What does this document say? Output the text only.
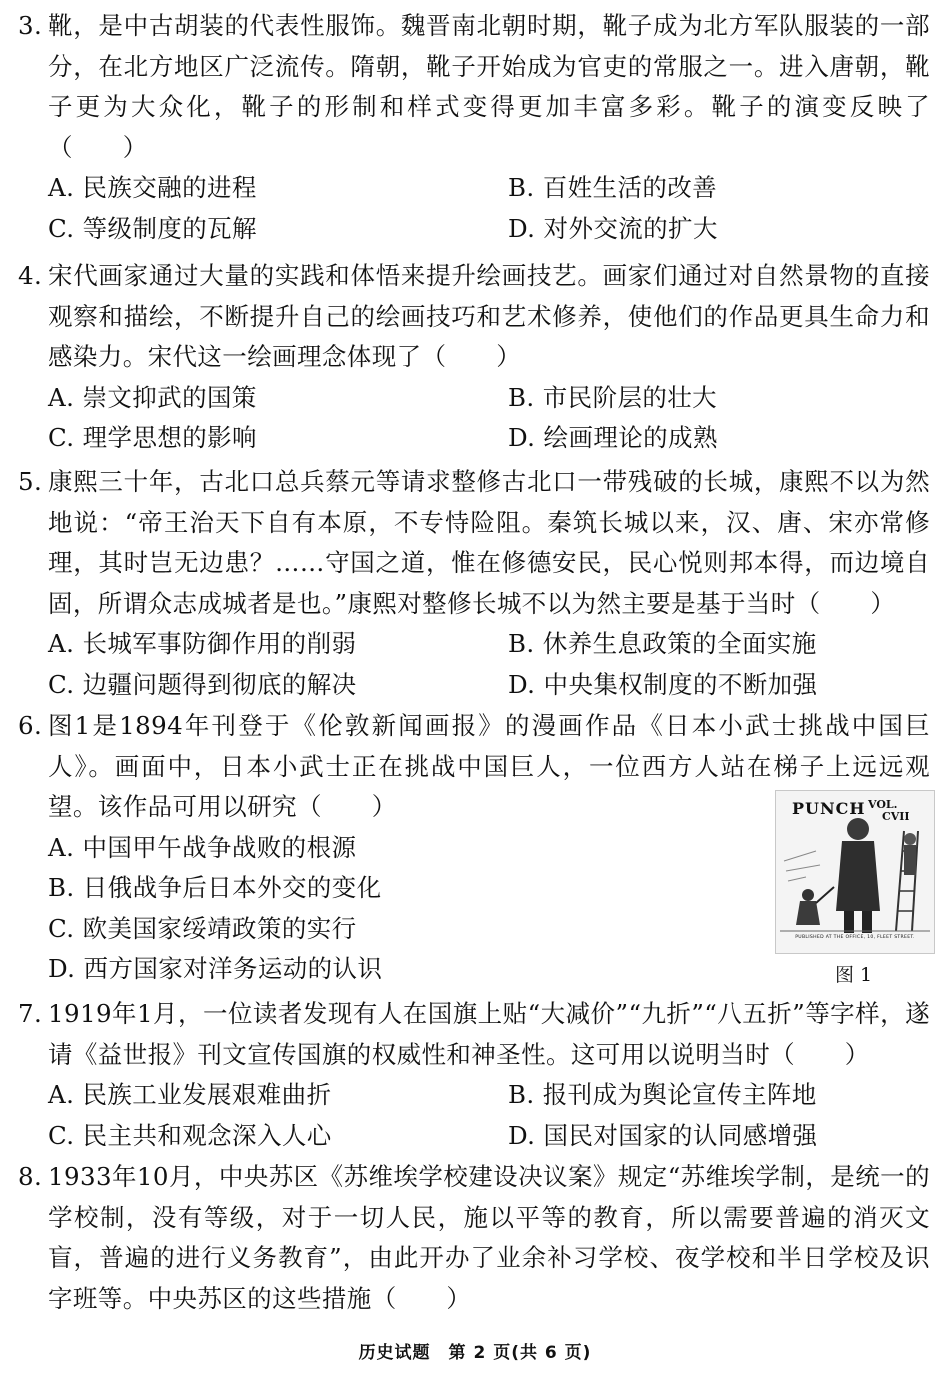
3. 靴，是中古胡装的代表性服饰。魏晋南北朝时期，靴子成为北方军队服装的一部分，在北方地区广泛流传。隋朝，靴子开始成为官吏的常服之一。进入唐朝，靴子更为大众化，靴子的形制和样式变得更加丰富多彩。靴子的演变反映了（　　）

A. 民族交融的进程	B. 百姓生活的改善
C. 等级制度的瓦解	D. 对外交流的扩大

4. 宋代画家通过大量的实践和体悟来提升绘画技艺。画家们通过对自然景物的直接观察和描绘，不断提升自己的绘画技巧和艺术修养，使他们的作品更具生命力和感染力。宋代这一绘画理念体现了（　　）

A. 崇文抑武的国策	B. 市民阶层的壮大
C. 理学思想的影响	D. 绘画理论的成熟

5. 康熙三十年，古北口总兵蔡元等请求整修古北口一带残破的长城，康熙不以为然地说：“帝王治天下自有本原，不专恃险阻。秦筑长城以来，汉、唐、宋亦常修理，其时岂无边患？……守国之道，惟在修德安民，民心悦则邦本得，而边境自固，所谓众志成城者是也。”康熙对整修长城不以为然主要是基于当时（　　）

A. 长城军事防御作用的削弱	B. 休养生息政策的全面实施
C. 边疆问题得到彻底的解决	D. 中央集权制度的不断加强

6. 图1是1894年刊登于《伦敦新闻画报》的漫画作品《日本小武士挑战中国巨人》。画面中，日本小武士正在挑战中国巨人，一位西方人站在梯子上远远观望。该作品可用以研究（　　）

A. 中国甲午战争战败的根源
B. 日俄战争后日本外交的变化
C. 欧美国家绥靖政策的实行
D. 西方国家对洋务运动的认识
PUNCH VOL.
CVII
PUBLISHED AT THE OFFICE, 10, FLEET STREET.
图 1

7. 1919年1月，一位读者发现有人在国旗上贴“大减价”“九折”“八五折”等字样，遂请《益世报》刊文宣传国旗的权威性和神圣性。这可用以说明当时（　　）

A. 民族工业发展艰难曲折	B. 报刊成为舆论宣传主阵地
C. 民主共和观念深入人心	D. 国民对国家的认同感增强

8. 1933年10月，中央苏区《苏维埃学校建设决议案》规定“苏维埃学制，是统一的学校制，没有等级，对于一切人民，施以平等的教育，所以需要普遍的消灭文盲，普遍的进行义务教育”，由此开办了业余补习学校、夜学校和半日学校及识字班等。中央苏区的这些措施（　　）

历史试题　第 2 页(共 6 页)
